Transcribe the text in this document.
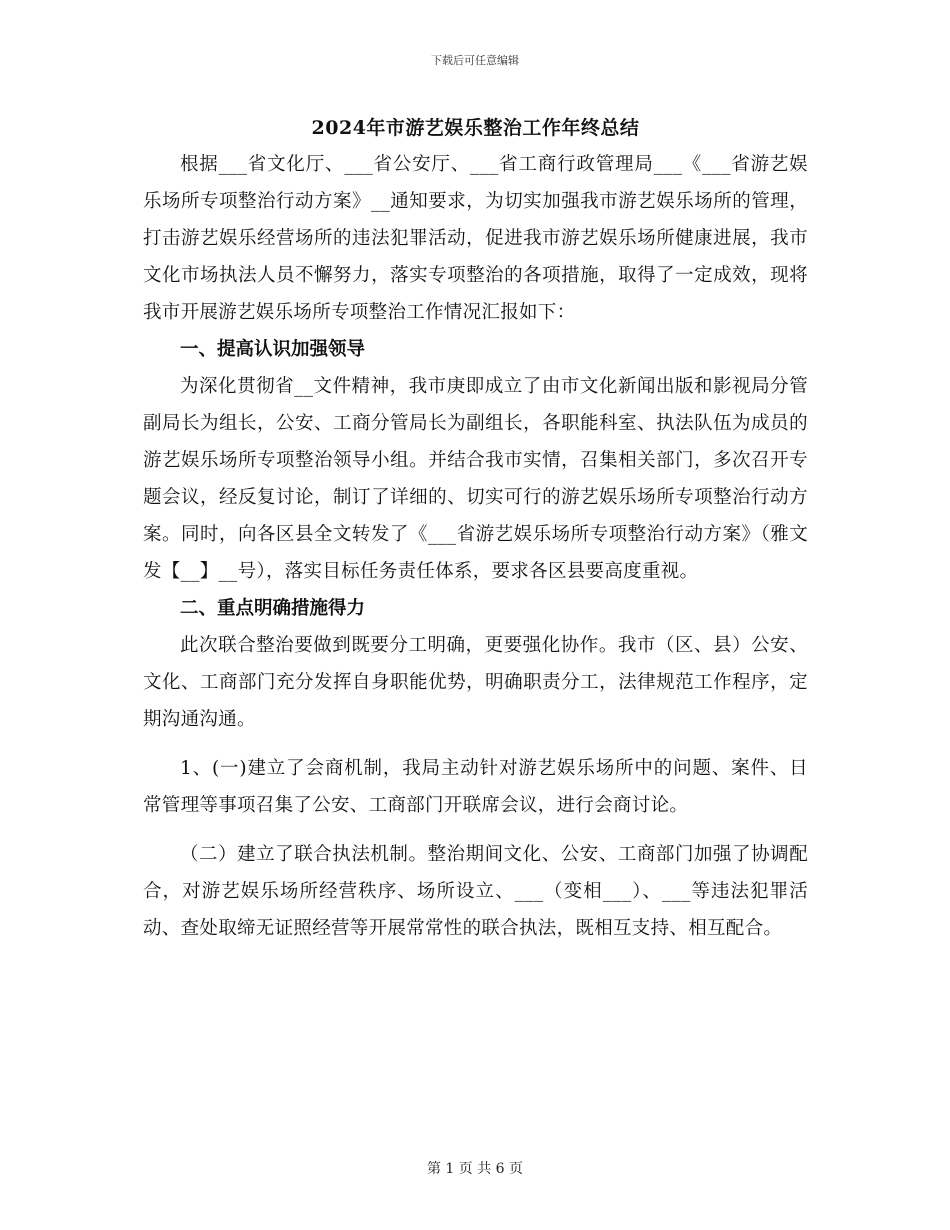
下载后可任意编辑
2024年市游艺娱乐整治工作年终总结

根据___省文化厅、___省公安厅、___省工商行政管理局___《___省游艺娱乐场所专项整治行动方案》__通知要求，为切实加强我市游艺娱乐场所的管理，打击游艺娱乐经营场所的违法犯罪活动，促进我市游艺娱乐场所健康进展，我市文化市场执法人员不懈努力，落实专项整治的各项措施，取得了一定成效，现将我市开展游艺娱乐场所专项整治工作情况汇报如下：

一、提高认识加强领导

为深化贯彻省__文件精神，我市庚即成立了由市文化新闻出版和影视局分管副局长为组长，公安、工商分管局长为副组长，各职能科室、执法队伍为成员的游艺娱乐场所专项整治领导小组。并结合我市实情，召集相关部门，多次召开专题会议，经反复讨论，制订了详细的、切实可行的游艺娱乐场所专项整治行动方案。同时，向各区县全文转发了《___省游艺娱乐场所专项整治行动方案》（雅文发【__】__号），落实目标任务责任体系，要求各区县要高度重视。

二、重点明确措施得力

此次联合整治要做到既要分工明确，更要强化协作。我市（区、县）公安、文化、工商部门充分发挥自身职能优势，明确职责分工，法律规范工作程序，定期沟通沟通。

1、(一)建立了会商机制，我局主动针对游艺娱乐场所中的问题、案件、日常管理等事项召集了公安、工商部门开联席会议，进行会商讨论。

（二）建立了联合执法机制。整治期间文化、公安、工商部门加强了协调配合，对游艺娱乐场所经营秩序、场所设立、___（变相___）、___等违法犯罪活动、查处取缔无证照经营等开展常常性的联合执法，既相互支持、相互配合。

第 1 页 共 6 页
